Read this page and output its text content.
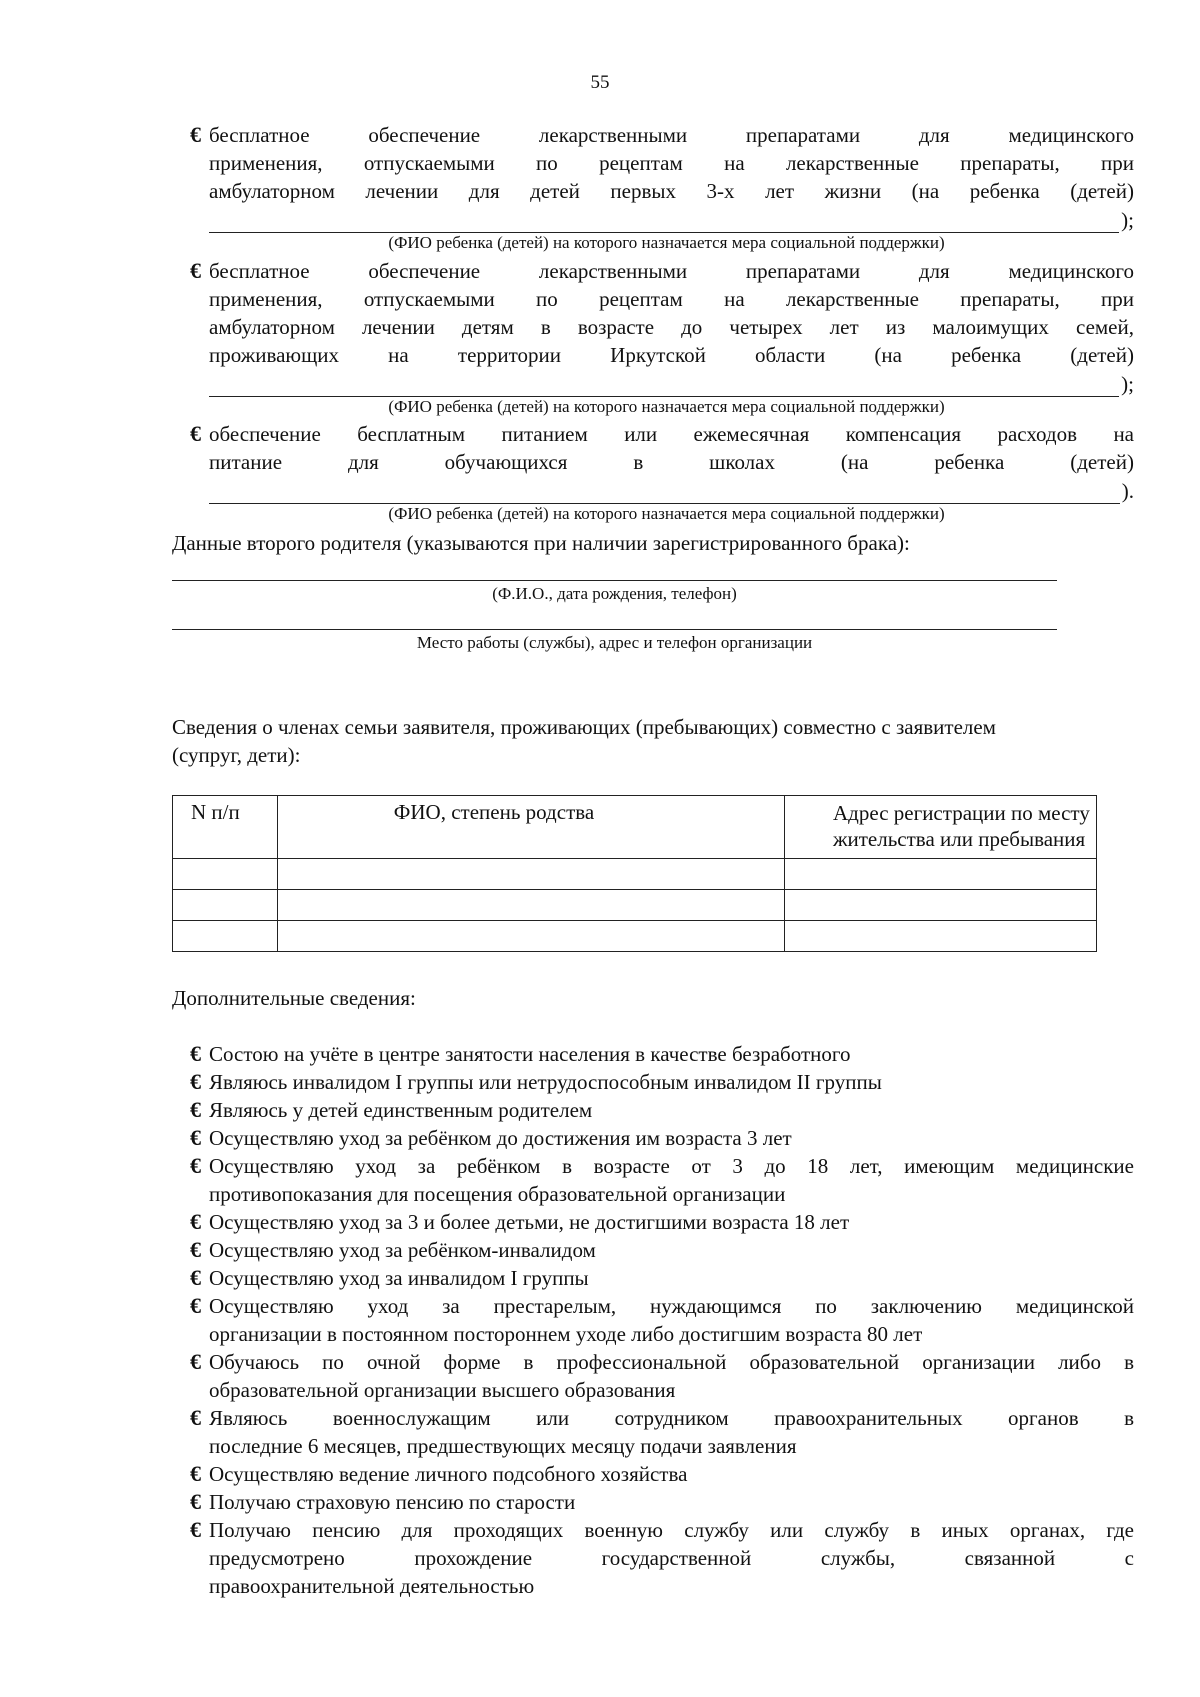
55
€ бесплатное обеспечение лекарственными препаратами для медицинского
применения, отпускаемыми по рецептам на лекарственные препараты, при
амбулаторном лечении для детей первых 3-х лет жизни (на ребенка (детей)
);
(ФИО ребенка (детей) на которого назначается мера социальной поддержки)
€ бесплатное обеспечение лекарственными препаратами для медицинского
применения, отпускаемыми по рецептам на лекарственные препараты, при
амбулаторном лечении детям в возрасте до четырех лет из малоимущих семей,
проживающих на территории Иркутской области (на ребенка (детей)
);
(ФИО ребенка (детей) на которого назначается мера социальной поддержки)
€ обеспечение бесплатным питанием или ежемесячная компенсация расходов на
питание для обучающихся в школах (на ребенка (детей)
).
(ФИО ребенка (детей) на которого назначается мера социальной поддержки)
Данные второго родителя (указываются при наличии зарегистрированного брака):
(Ф.И.О., дата рождения, телефон)
Место работы (службы), адрес и телефон организации
Сведения о членах семьи заявителя, проживающих (пребывающих) совместно с заявителем
(супруг, дети):
N п/п	ФИО, степень родства	Адрес регистрации по месту
жительства или пребывания

Дополнительные сведения:
€ Состою на учёте в центре занятости населения в качестве безработного
€ Являюсь инвалидом I группы или нетрудоспособным инвалидом II группы
€ Являюсь у детей единственным родителем
€ Осуществляю уход за ребёнком до достижения им возраста 3 лет
€ Осуществляю уход за ребёнком в возрасте от 3 до 18 лет, имеющим медицинские
противопоказания для посещения образовательной организации
€ Осуществляю уход за 3 и более детьми, не достигшими возраста 18 лет
€ Осуществляю уход за ребёнком-инвалидом
€ Осуществляю уход за инвалидом I группы
€ Осуществляю уход за престарелым, нуждающимся по заключению медицинской
организации в постоянном постороннем уходе либо достигшим возраста 80 лет
€ Обучаюсь по очной форме в профессиональной образовательной организации либо в
образовательной организации высшего образования
€ Являюсь военнослужащим или сотрудником правоохранительных органов в
последние 6 месяцев, предшествующих месяцу подачи заявления
€ Осуществляю ведение личного подсобного хозяйства
€ Получаю страховую пенсию по старости
€ Получаю пенсию для проходящих военную службу или службу в иных органах, где
предусмотрено прохождение государственной службы, связанной с
правоохранительной деятельностью
